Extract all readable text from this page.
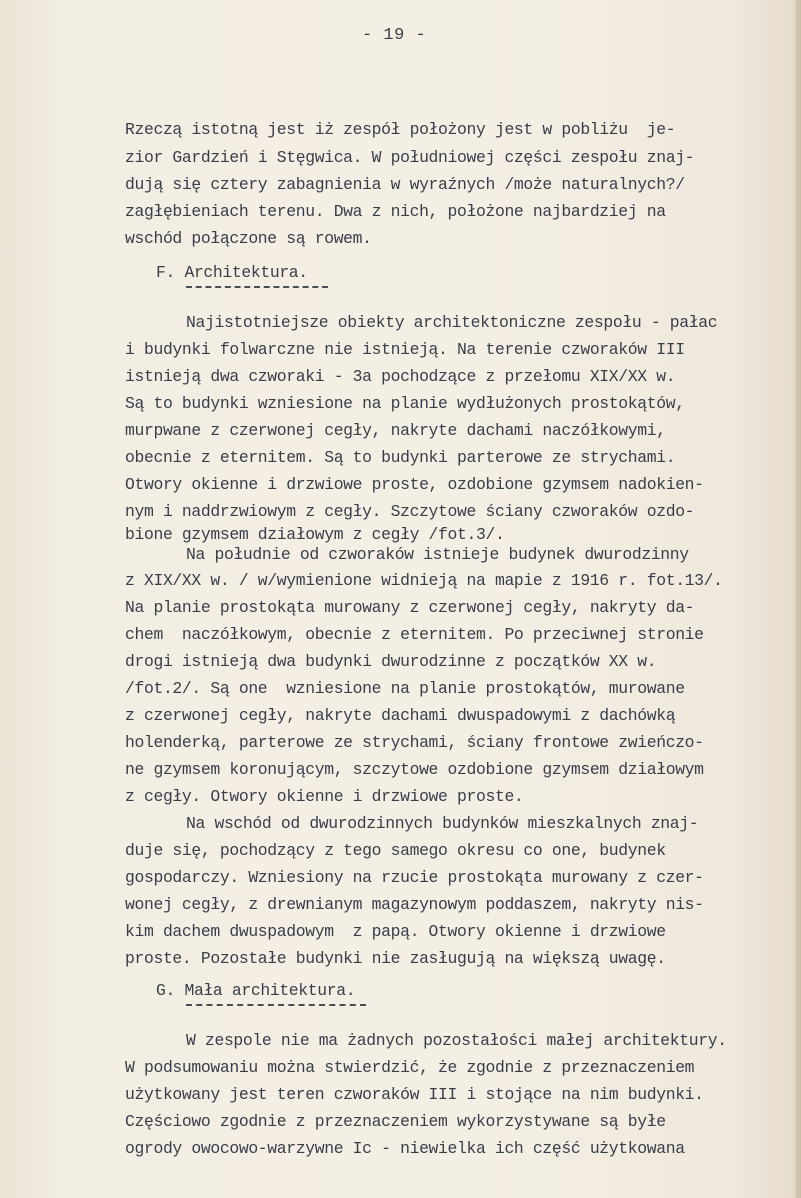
- 19 -
Rzeczą istotną jest iż zespół położony jest w pobliżu  je-
zior Gardzień i Stęgwica. W południowej części zespołu znaj-
dują się cztery zabagnienia w wyraźnych /może naturalnych?/
zagłębieniach terenu. Dwa z nich, położone najbardziej na
wschód połączone są rowem.
F. Architektura.
Najistotniejsze obiekty architektoniczne zespołu - pałac
i budynki folwarczne nie istnieją. Na terenie czworaków III
istnieją dwa czworaki - 3a pochodzące z przełomu XIX/XX w.
Są to budynki wzniesione na planie wydłużonych prostokątów,
murpwane z czerwonej cegły, nakryte dachami naczółkowymi,
obecnie z eternitem. Są to budynki parterowe ze strychami.
Otwory okienne i drzwiowe proste, ozdobione gzymsem nadokien-
nym i naddrzwiowym z cegły. Szczytowe ściany czworaków ozdo-
bione gzymsem działowym z cegły /fot.3/.
Na południe od czworaków istnieje budynek dwurodzinny
z XIX/XX w. / w/wymienione widnieją na mapie z 1916 r. fot.13/.
Na planie prostokąta murowany z czerwonej cegły, nakryty da-
chem  naczółkowym, obecnie z eternitem. Po przeciwnej stronie
drogi istnieją dwa budynki dwurodzinne z początków XX w.
/fot.2/. Są one  wzniesione na planie prostokątów, murowane
z czerwonej cegły, nakryte dachami dwuspadowymi z dachówką
holenderką, parterowe ze strychami, ściany frontowe zwieńczo-
ne gzymsem koronującym, szczytowe ozdobione gzymsem działowym
z cegły. Otwory okienne i drzwiowe proste.
Na wschód od dwurodzinnych budynków mieszkalnych znaj-
duje się, pochodzący z tego samego okresu co one, budynek
gospodarczy. Wzniesiony na rzucie prostokąta murowany z czer-
wonej cegły, z drewnianym magazynowym poddaszem, nakryty nis-
kim dachem dwuspadowym  z papą. Otwory okienne i drzwiowe
proste. Pozostałe budynki nie zasługują na większą uwagę.
G. Mała architektura.
W zespole nie ma żadnych pozostałości małej architektury.
W podsumowaniu można stwierdzić, że zgodnie z przeznaczeniem
użytkowany jest teren czworaków III i stojące na nim budynki.
Częściowo zgodnie z przeznaczeniem wykorzystywane są byłe
ogrody owocowo-warzywne Ic - niewielka ich część użytkowana
